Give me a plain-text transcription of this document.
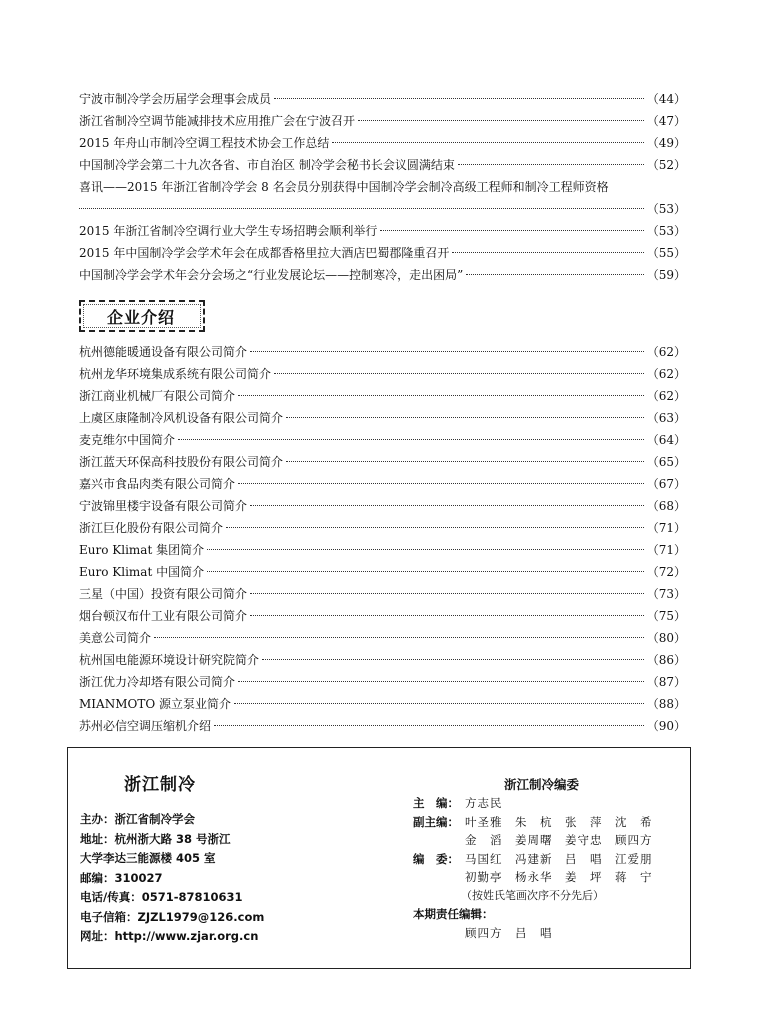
宁波市制冷学会历届学会理事会成员	（44）
浙江省制冷空调节能减排技术应用推广会在宁波召开	（47）
2015 年舟山市制冷空调工程技术协会工作总结	（49）
中国制冷学会第二十九次各省、市自治区 制冷学会秘书长会议圆满结束	（52）
喜讯——2015 年浙江省制冷学会 8 名会员分别获得中国制冷学会制冷高级工程师和制冷工程师资格
（53）
2015 年浙江省制冷空调行业大学生专场招聘会顺利举行	（53）
2015 年中国制冷学会学术年会在成都香格里拉大酒店巴蜀郡隆重召开	（55）
中国制冷学会学术年会分会场之“行业发展论坛——控制寒冷，走出困局”	（59）
企业介绍
杭州德能暖通设备有限公司简介	（62）
杭州龙华环境集成系统有限公司简介	（62）
浙江商业机械厂有限公司简介	（62）
上虞区康隆制冷风机设备有限公司简介	（63）
麦克维尔中国简介	（64）
浙江蓝天环保高科技股份有限公司简介	（65）
嘉兴市食品肉类有限公司简介	（67）
宁波锦里楼宇设备有限公司简介	（68）
浙江巨化股份有限公司简介	（71）
Euro Klimat 集团简介	（71）
Euro Klimat 中国简介	（72）
三星（中国）投资有限公司简介	（73）
烟台顿汉布什工业有限公司简介	（75）
美意公司简介	（80）
杭州国电能源环境设计研究院简介	（86）
浙江优力冷却塔有限公司简介	（87）
MIANMOTO 源立泵业简介	（88）
苏州必信空调压缩机介绍	（90）
浙江制冷
主办：浙江省制冷学会
地址：杭州浙大路 38 号浙江
大学李达三能源楼 405 室
邮编：310027
电话/传真：0571-87810631
电子信箱：ZJZL1979@126.com
网址：http://www.zjar.org.cn
浙江制冷编委
主　编： 方志民
副主编： 叶圣雅　朱　杭　张　萍　沈　希
金　滔　姜周曙　姜守忠　顾四方
编　委： 马国红　冯建新　吕　唱　江爱朋
初勤亭　杨永华　姜　坪　蒋　宁
（按姓氏笔画次序不分先后）
本期责任编辑：
顾四方　吕　唱
